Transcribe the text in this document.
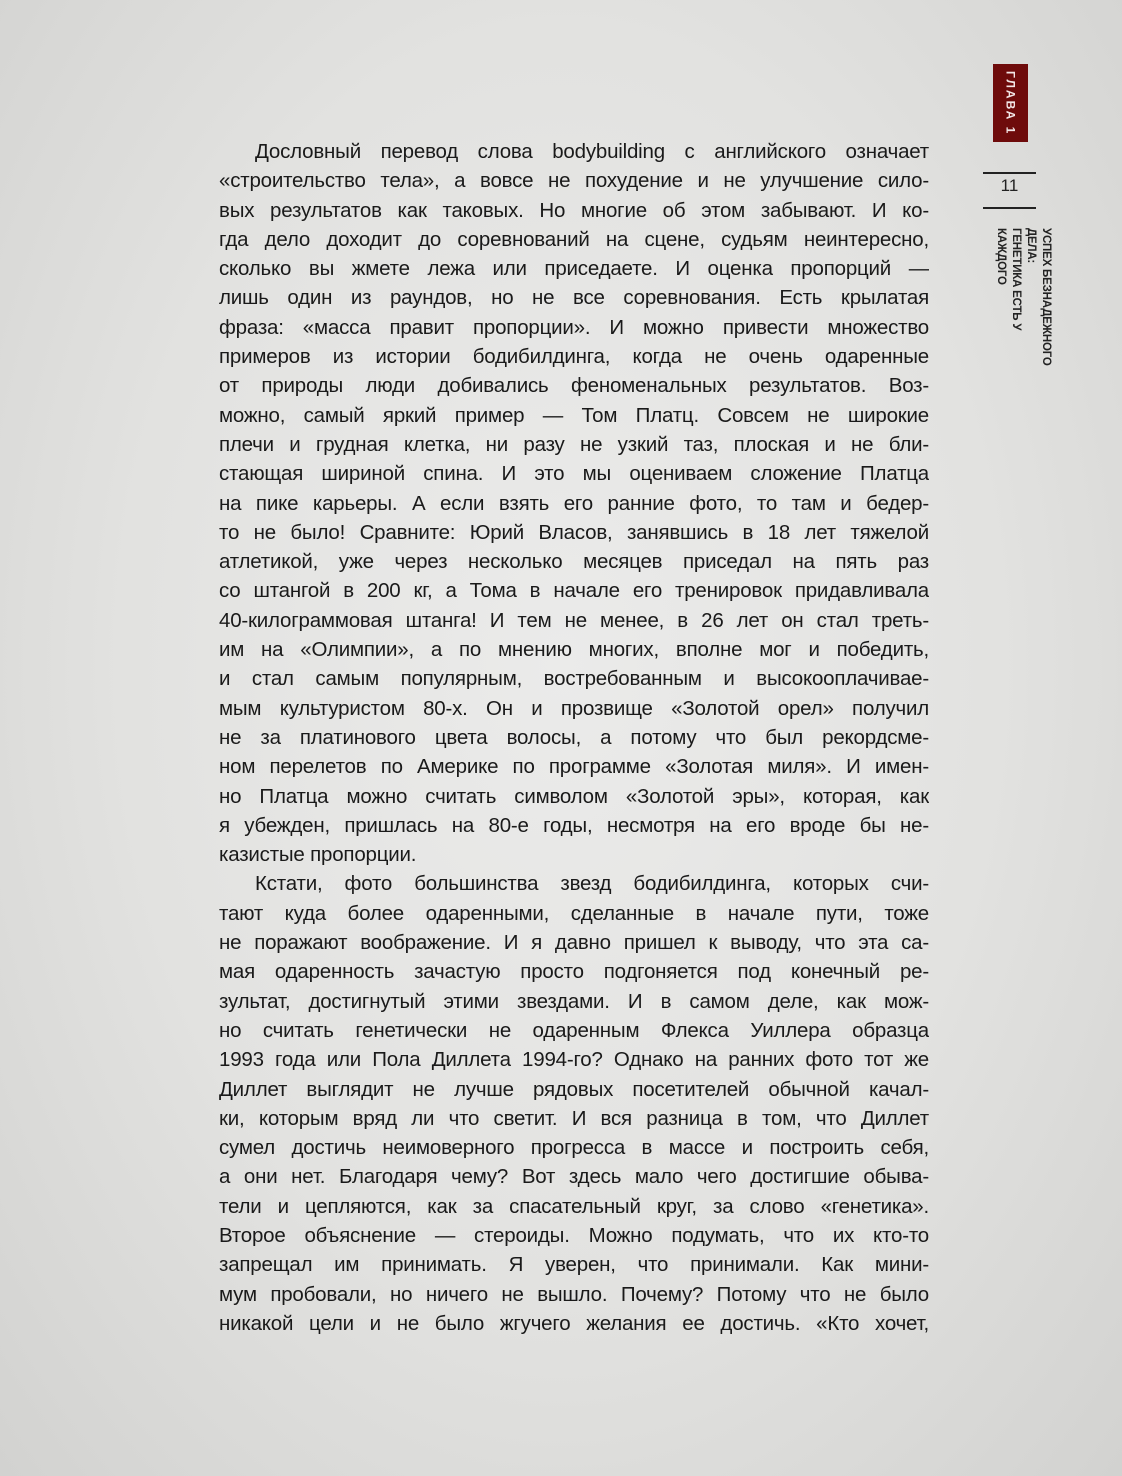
Дословный перевод слова bodybuilding с английского означает
«строительство тела», а вовсе не похудение и не улучшение сило-
вых результатов как таковых. Но многие об этом забывают. И ко-
гда дело доходит до соревнований на сцене, судьям неинтересно,
сколько вы жмете лежа или приседаете. И оценка пропорций —
лишь один из раундов, но не все соревнования. Есть крылатая
фраза: «масса правит пропорции». И можно привести множество
примеров из истории бодибилдинга, когда не очень одаренные
от природы люди добивались феноменальных результатов. Воз-
можно, самый яркий пример — Том Платц. Совсем не широкие
плечи и грудная клетка, ни разу не узкий таз, плоская и не бли-
стающая шириной спина. И это мы оцениваем сложение Платца
на пике карьеры. А если взять его ранние фото, то там и бедер-
то не было! Сравните: Юрий Власов, занявшись в 18 лет тяжелой
атлетикой, уже через несколько месяцев приседал на пять раз
со штангой в 200 кг, а Тома в начале его тренировок придавливала
40-килограммовая штанга! И тем не менее, в 26 лет он стал треть-
им на «Олимпии», а по мнению многих, вполне мог и победить,
и стал самым популярным, востребованным и высокооплачивае-
мым культуристом 80-х. Он и прозвище «Золотой орел» получил
не за платинового цвета волосы, а потому что был рекордсме-
ном перелетов по Америке по программе «Золотая миля». И имен-
но Платца можно считать символом «Золотой эры», которая, как
я убежден, пришлась на 80-е годы, несмотря на его вроде бы не-
казистые пропорции.
Кстати, фото большинства звезд бодибилдинга, которых счи-
тают куда более одаренными, сделанные в начале пути, тоже
не поражают воображение. И я давно пришел к выводу, что эта са-
мая одаренность зачастую просто подгоняется под конечный ре-
зультат, достигнутый этими звездами. И в самом деле, как мож-
но считать генетически не одаренным Флекса Уиллера образца
1993 года или Пола Диллета 1994-го? Однако на ранних фото тот же
Диллет выглядит не лучше рядовых посетителей обычной качал-
ки, которым вряд ли что светит. И вся разница в том, что Диллет
сумел достичь неимоверного прогресса в массе и построить себя,
а они нет. Благодаря чему? Вот здесь мало чего достигшие обыва-
тели и цепляются, как за спасательный круг, за слово «генетика».
Второе объяснение — стероиды. Можно подумать, что их кто-то
запрещал им принимать. Я уверен, что принимали. Как мини-
мум пробовали, но ничего не вышло. Почему? Потому что не было
никакой цели и не было жгучего желания ее достичь. «Кто хочет,
ГЛАВА 1
11
УСПЕХ БЕЗНАДЕЖНОГО ДЕЛА:
ГЕНЕТИКА ЕСТЬ У КАЖДОГО
